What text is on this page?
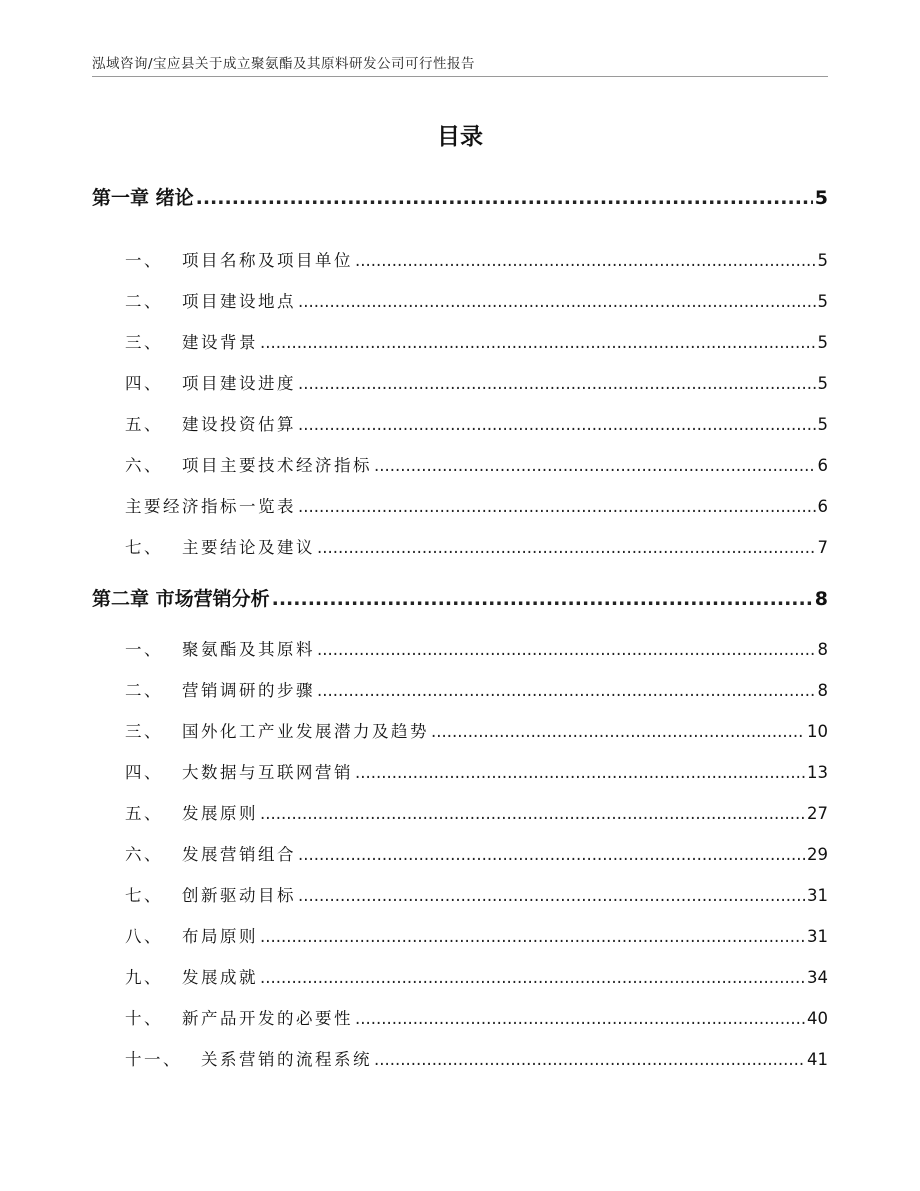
泓域咨询/宝应县关于成立聚氨酯及其原料研发公司可行性报告
目录
第一章 绪论 .....	5
一、  项目名称及项目单位 .....	5
二、  项目建设地点 .....	5
三、  建设背景 .....	5
四、  项目建设进度 .....	5
五、  建设投资估算 .....	5
六、  项目主要技术经济指标 .....	6
主要经济指标一览表 .....	6
七、  主要结论及建议 .....	7
第二章 市场营销分析 .....	8
一、  聚氨酯及其原料 .....	8
二、  营销调研的步骤 .....	8
三、  国外化工产业发展潜力及趋势 .....	10
四、  大数据与互联网营销 .....	13
五、  发展原则 .....	27
六、  发展营销组合 .....	29
七、  创新驱动目标 .....	31
八、  布局原则 .....	31
九、  发展成就 .....	34
十、  新产品开发的必要性 .....	40
十一、  关系营销的流程系统 .....	41
